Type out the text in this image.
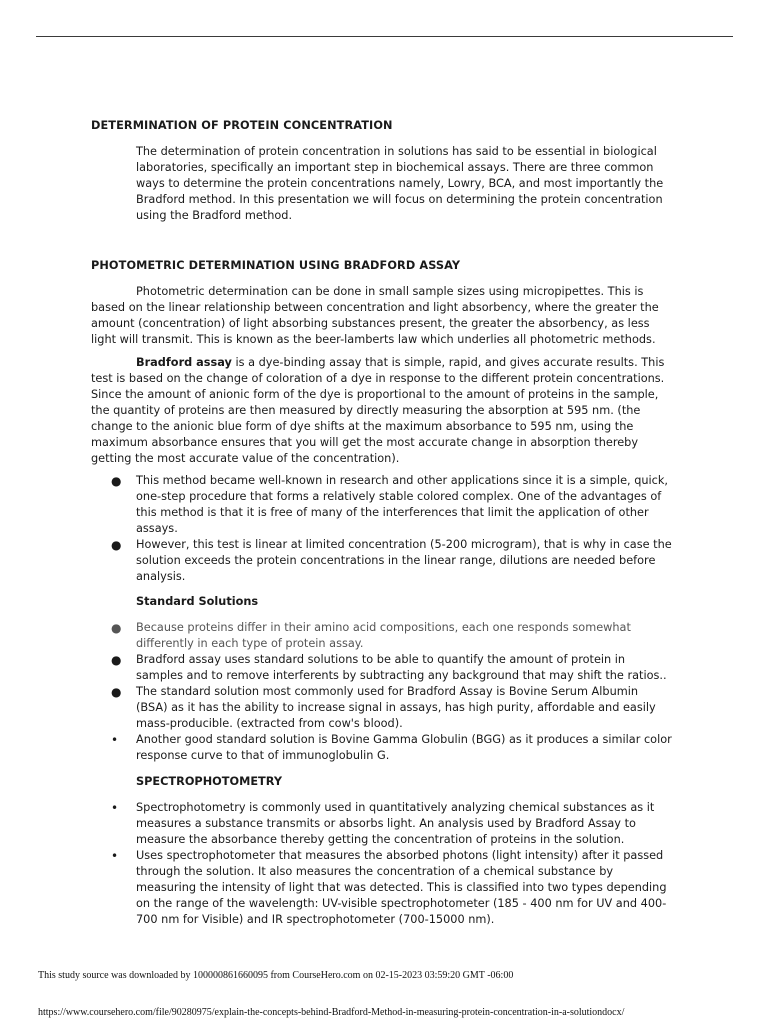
DETERMINATION OF PROTEIN CONCENTRATION

The determination of protein concentration in solutions has said to be essential in biological laboratories, specifically an important step in biochemical assays. There are three common ways to determine the protein concentrations namely, Lowry, BCA, and most importantly the Bradford method. In this presentation we will focus on determining the protein concentration using the Bradford method.

PHOTOMETRIC DETERMINATION USING BRADFORD ASSAY

Photometric determination can be done in small sample sizes using micropipettes. This is based on the linear relationship between concentration and light absorbency, where the greater the amount (concentration) of light absorbing substances present, the greater the absorbency, as less light will transmit. This is known as the beer-lamberts law which underlies all photometric methods.

Bradford assay is a dye-binding assay that is simple, rapid, and gives accurate results. This test is based on the change of coloration of a dye in response to the different protein concentrations. Since the amount of anionic form of the dye is proportional to the amount of proteins in the sample, the quantity of proteins are then measured by directly measuring the absorption at 595 nm. (the change to the anionic blue form of dye shifts at the maximum absorbance to 595 nm, using the maximum absorbance ensures that you will get the most accurate change in absorption thereby getting the most accurate value of the concentration).

● This method became well-known in research and other applications since it is a simple, quick, one-step procedure that forms a relatively stable colored complex. One of the advantages of this method is that it is free of many of the interferences that limit the application of other assays.
● However, this test is linear at limited concentration (5-200 microgram), that is why in case the solution exceeds the protein concentrations in the linear range, dilutions are needed before analysis.
Standard Solutions
● Because proteins differ in their amino acid compositions, each one responds somewhat differently in each type of protein assay.
● Bradford assay uses standard solutions to be able to quantify the amount of protein in samples and to remove interferents by subtracting any background that may shift the ratios..
● The standard solution most commonly used for Bradford Assay is Bovine Serum Albumin (BSA) as it has the ability to increase signal in assays, has high purity, affordable and easily mass-producible. (extracted from cow's blood).
• Another good standard solution is Bovine Gamma Globulin (BGG) as it produces a similar color response curve to that of immunoglobulin G.
SPECTROPHOTOMETRY
• Spectrophotometry is commonly used in quantitatively analyzing chemical substances as it measures a substance transmits or absorbs light. An analysis used by Bradford Assay to measure the absorbance thereby getting the concentration of proteins in the solution.
• Uses spectrophotometer that measures the absorbed photons (light intensity) after it passed through the solution. It also measures the concentration of a chemical substance by measuring the intensity of light that was detected. This is classified into two types depending on the range of the wavelength: UV-visible spectrophotometer (185 - 400 nm for UV and 400-700 nm for Visible) and IR spectrophotometer (700-15000 nm).
This study source was downloaded by 100000861660095 from CourseHero.com on 02-15-2023 03:59:20 GMT -06:00
https://www.coursehero.com/file/90280975/explain-the-concepts-behind-Bradford-Method-in-measuring-protein-concentration-in-a-solutiondocx/
